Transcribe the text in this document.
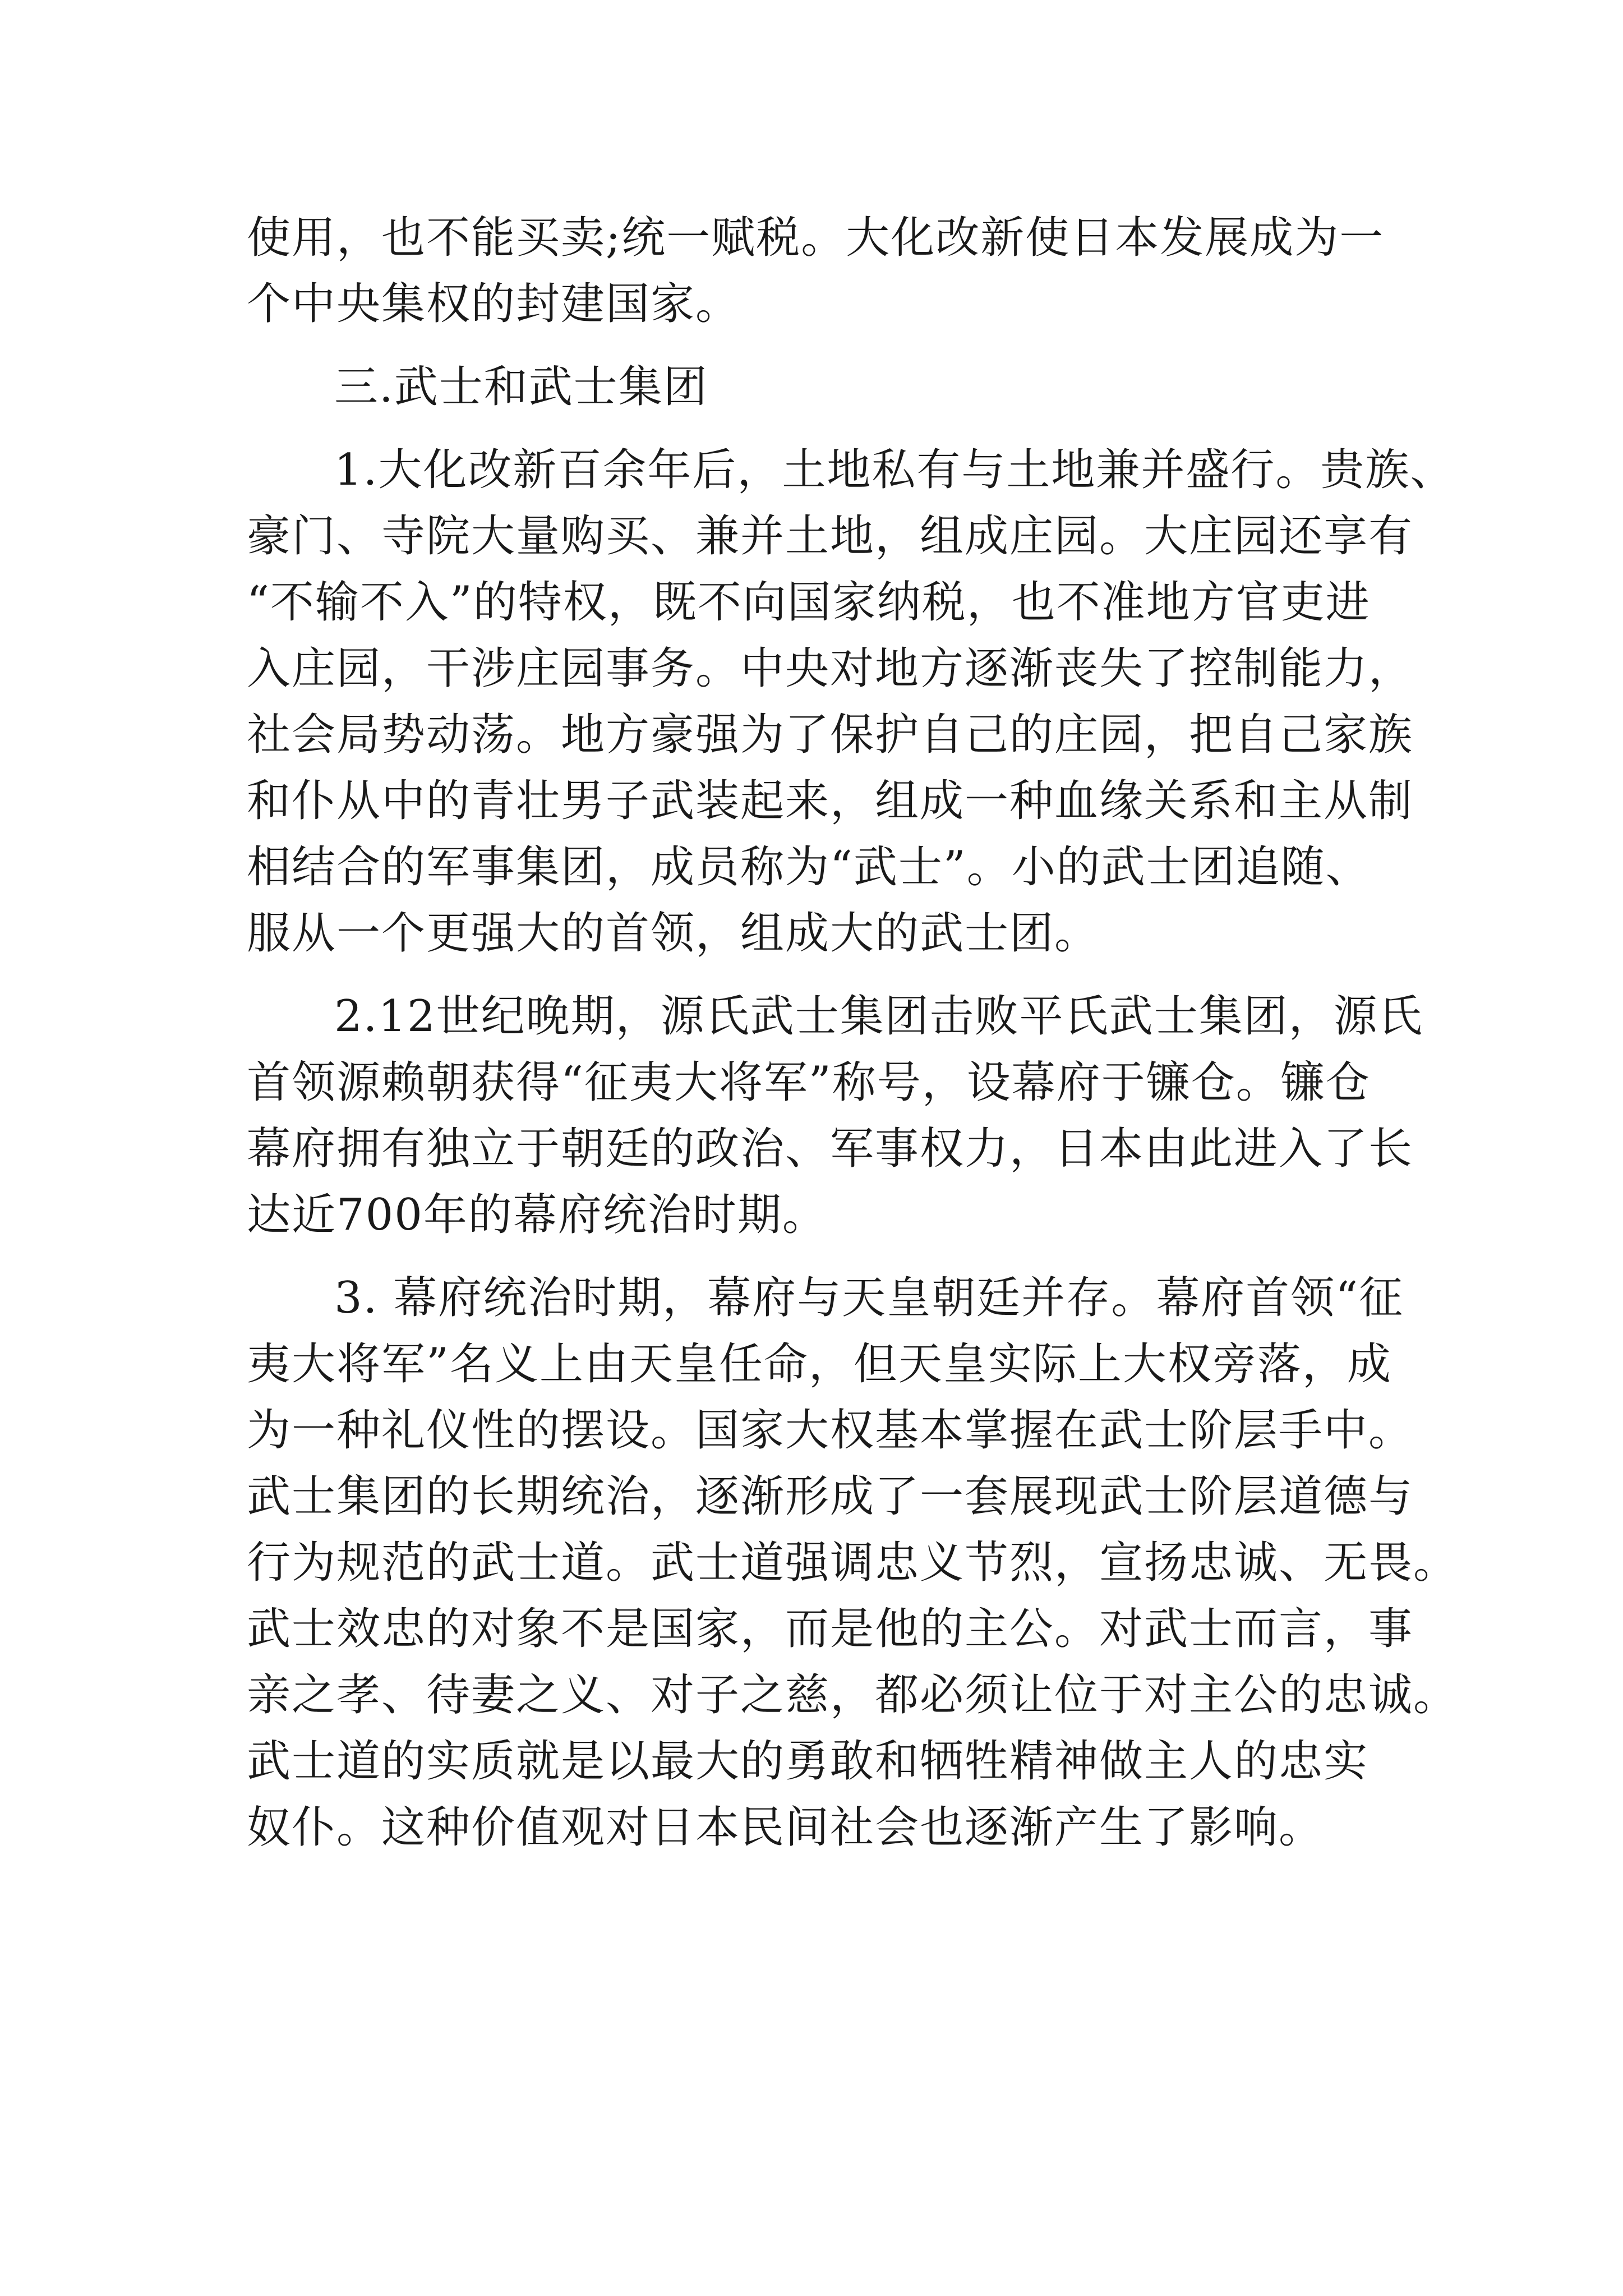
使用，也不能买卖;统一赋税。大化改新使日本发展成为一
个中央集权的封建国家。
三.武士和武士集团
1.大化改新百余年后，土地私有与土地兼并盛行。贵族、
豪门、寺院大量购买、兼并土地，组成庄园。大庄园还享有
“不输不入”的特权，既不向国家纳税，也不准地方官吏进
入庄园，干涉庄园事务。中央对地方逐渐丧失了控制能力，
社会局势动荡。地方豪强为了保护自己的庄园，把自己家族
和仆从中的青壮男子武装起来，组成一种血缘关系和主从制
相结合的军事集团，成员称为“武士”。小的武士团追随、
服从一个更强大的首领，组成大的武士团。
2.12世纪晚期，源氏武士集团击败平氏武士集团，源氏
首领源赖朝获得“征夷大将军”称号，设幕府于镰仓。镰仓
幕府拥有独立于朝廷的政治、军事权力，日本由此进入了长
达近700年的幕府统治时期。
3. 幕府统治时期，幕府与天皇朝廷并存。幕府首领“征
夷大将军”名义上由天皇任命，但天皇实际上大权旁落，成
为一种礼仪性的摆设。国家大权基本掌握在武士阶层手中。
武士集团的长期统治，逐渐形成了一套展现武士阶层道德与
行为规范的武士道。武士道强调忠义节烈，宣扬忠诚、无畏。
武士效忠的对象不是国家，而是他的主公。对武士而言，事
亲之孝、待妻之义、对子之慈，都必须让位于对主公的忠诚。
武士道的实质就是以最大的勇敢和牺牲精神做主人的忠实
奴仆。这种价值观对日本民间社会也逐渐产生了影响。
